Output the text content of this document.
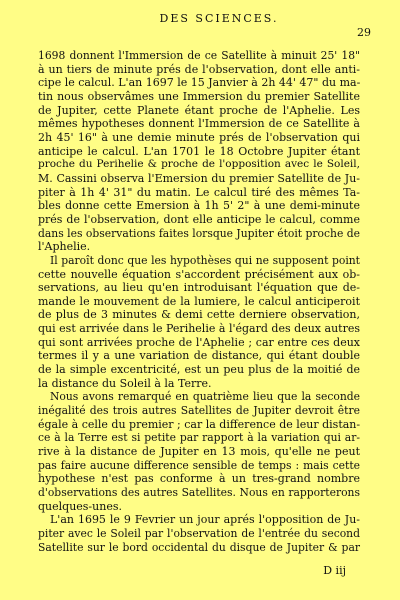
DES SCIENCES.
29
1698 donnent l'Immersion de ce Satellite à minuit 25' 18"
à un tiers de minute prés de l'observation, dont elle anti-
cipe le calcul. L'an 1697 le 15 Janvier à 2h 44' 47" du ma-
tin nous observâmes une Immersion du premier Satellite
de Jupiter, cette Planete étant proche de l'Aphelie. Les
mêmes hypotheses donnent l'Immersion de ce Satellite à
2h 45' 16" à une demie minute prés de l'observation qui
anticipe le calcul. L'an 1701 le 18 Octobre Jupiter étant
proche du Perihelie & proche de l'opposition avec le Soleil,
M. Cassini observa l'Emersion du premier Satellite de Ju-
piter à 1h 4' 31" du matin. Le calcul tiré des mêmes Ta-
bles donne cette Emersion à 1h 5' 2" à une demi-minute
prés de l'observation, dont elle anticipe le calcul, comme
dans les observations faites lorsque Jupiter étoit proche de
l'Aphelie.
Il paroît donc que les hypothèses qui ne supposent point
cette nouvelle équation s'accordent précisément aux ob-
servations, au lieu qu'en introduisant l'équation que de-
mande le mouvement de la lumiere, le calcul anticiperoit
de plus de 3 minutes & demi cette derniere observation,
qui est arrivée dans le Perihelie à l'égard des deux autres
qui sont arrivées proche de l'Aphelie ; car entre ces deux
termes il y a une variation de distance, qui étant double
de la simple excentricité, est un peu plus de la moitié de
la distance du Soleil à la Terre.
Nous avons remarqué en quatrième lieu que la seconde
inégalité des trois autres Satellites de Jupiter devroit être
égale à celle du premier ; car la difference de leur distan-
ce à la Terre est si petite par rapport à la variation qui ar-
rive à la distance de Jupiter en 13 mois, qu'elle ne peut
pas faire aucune difference sensible de temps : mais cette
hypothese n'est pas conforme à un tres-grand nombre
d'observations des autres Satellites. Nous en rapporterons
quelques-unes.
L'an 1695 le 9 Fevrier un jour aprés l'opposition de Ju-
piter avec le Soleil par l'observation de l'entrée du second
Satellite sur le bord occidental du disque de Jupiter & par
D iij
